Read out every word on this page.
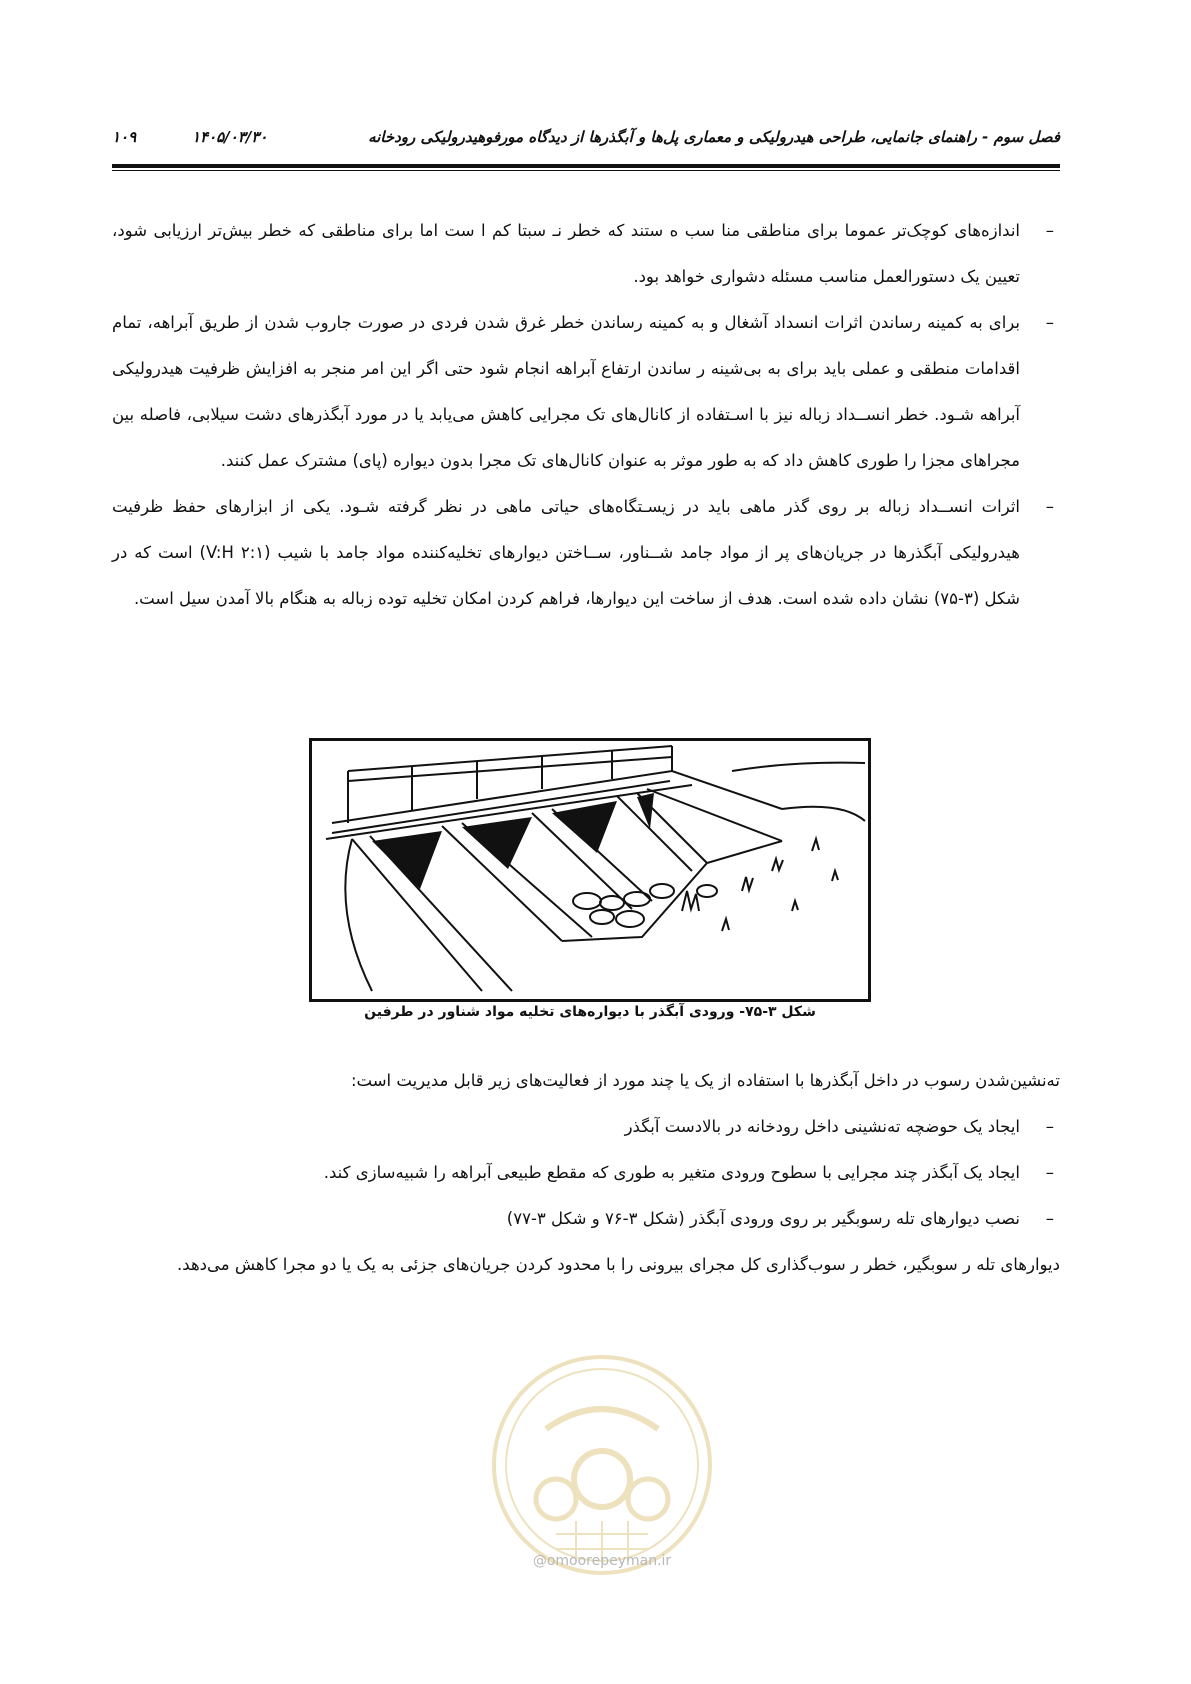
فصل سوم - راهنمای جانمایی، طراحی هیدرولیکی و معماری پل‌ها و آبگذرها از دیدگاه مورفوهیدرولیکی رودخانه
۱۴۰۵/۰۳/۳۰
۱۰۹
–
اندازه‌های کوچک‌تر عموما برای مناطقی منا سب ه ستند که خطر نـ سبتا کم ا ست اما برای مناطقی که خطر بیش‌تر ارزیابی شود، تعیین یک دستورالعمل مناسب مسئله دشواری خواهد بود.
–
برای به کمینه رساندن اثرات انسداد آشغال و به کمینه رساندن خطر غرق شدن فردی در صورت جاروب شدن از طریق آبراهه، تمام اقدامات منطقی و عملی باید برای به بی‌شینه ر ساندن ارتفاع آبراهه انجام شود حتی اگر این امر منجر به افزایش ظرفیت هیدرولیکی آبراهه شـود. خطر انســداد زباله نیز با اسـتفاده از کانال‌های تک مجرایی کاهش می‌یابد یا در مورد آبگذرهای دشت سیلابی، فاصله بین مجراهای مجزا را طوری کاهش داد که به طور موثر به عنوان کانال‌های تک مجرا بدون دیواره (پای) مشترک عمل کنند.
–
اثرات انســداد زباله بر روی گذر ماهی باید در زیسـتگاه‌های حیاتی ماهی در نظر گرفته شـود. یکی از ابزارهای حفظ ظرفیت هیدرولیکی آبگذرها در جریان‌های پر از مواد جامد شــناور، ســاختن دیوارهای تخلیه‌کننده مواد جامد با شیب (۲:۱ V:H) است که در شکل (۳-۷۵) نشان داده شده است. هدف از ساخت این دیوارها، فراهم کردن امکان تخلیه توده زباله به هنگام بالا آمدن سیل است.
شکل ۳-۷۵- ورودی آبگذر با دیواره‌های تخلیه مواد شناور در طرفین
ته‌نشین‌شدن رسوب در داخل آبگذرها با استفاده از یک یا چند مورد از فعالیت‌های زیر قابل مدیریت است:
–
ایجاد یک حوضچه ته‌نشینی داخل رودخانه در بالادست آبگذر
–
ایجاد یک آبگذر چند مجرایی با سطوح ورودی متغیر به طوری که مقطع طبیعی آبراهه را شبیه‌سازی کند.
–
نصب دیوارهای تله رسوبگیر بر روی ورودی آبگذر (شکل ۳-۷۶ و شکل ۳-۷۷)
دیوارهای تله ر سوبگیر، خطر ر سوب‌گذاری کل مجرای بیرونی را با محدود کردن جریان‌های جزئی به یک یا دو مجرا کاهش می‌دهد.
@omoorepeyman.ir
